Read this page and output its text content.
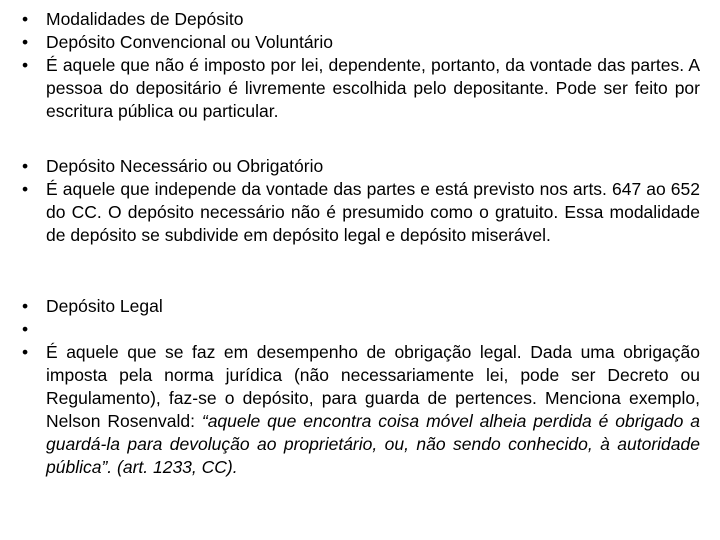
•	Modalidades de Depósito
•	Depósito Convencional ou Voluntário
•	É aquele que não é imposto por lei, dependente, portanto, da vontade das partes. A pessoa do depositário é livremente escolhida pelo depositante. Pode ser feito por escritura pública ou particular.
•	Depósito Necessário ou Obrigatório
•	É aquele que independe da vontade das partes e está previsto nos arts. 647 ao 652 do CC. O depósito necessário não é presumido como o gratuito. Essa modalidade de depósito se subdivide em depósito legal e depósito miserável.
•	Depósito Legal
•
•	É aquele que se faz em desempenho de obrigação legal. Dada uma obrigação imposta pela norma jurídica (não necessariamente lei, pode ser Decreto ou Regulamento), faz-se o depósito, para guarda de pertences. Menciona exemplo, Nelson Rosenvald: “aquele que encontra coisa móvel alheia perdida é obrigado a guardá-la para devolução ao proprietário, ou, não sendo conhecido, à autoridade pública”. (art. 1233, CC).
